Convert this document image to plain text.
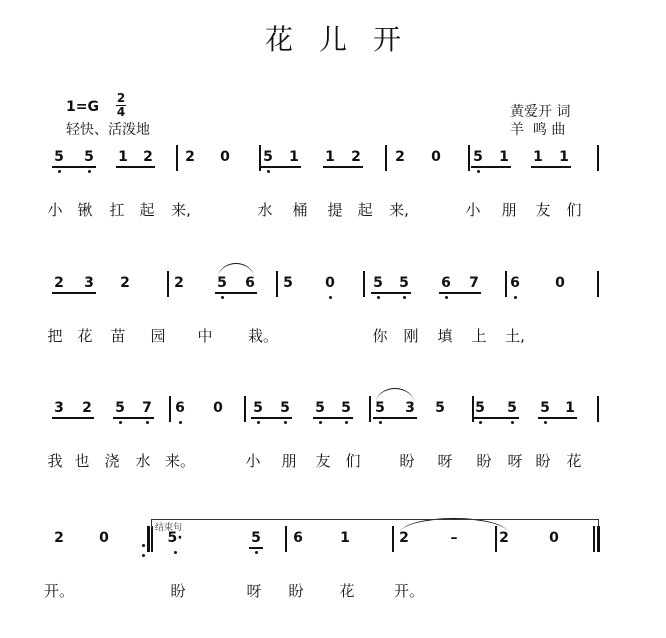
花儿开
1=G
2
4
轻快、活泼地
黄爱开 词
羊  鸣 曲
5	5	1	2	2	0	5	1	1	2	2	0	5	1	1	1
小 锹	扛 起	来,	水	桶	提 起	来,	小	朋	友	们
2	3	2	2	5	6	5	0	5	5	6	7	6	0
把 花	苗	园	中	栽。	你	刚	填	上	土,
3	2	5	7	6	0	5	5	5	5	5	3	5	5	5	5	1
我 也 浇	水 来。	小	朋	友 们	盼	呀	盼	呀 盼	花
2	0	5·	5	6	1	2	–	2	0
开。	盼	呀	盼	花	开。
结束句
